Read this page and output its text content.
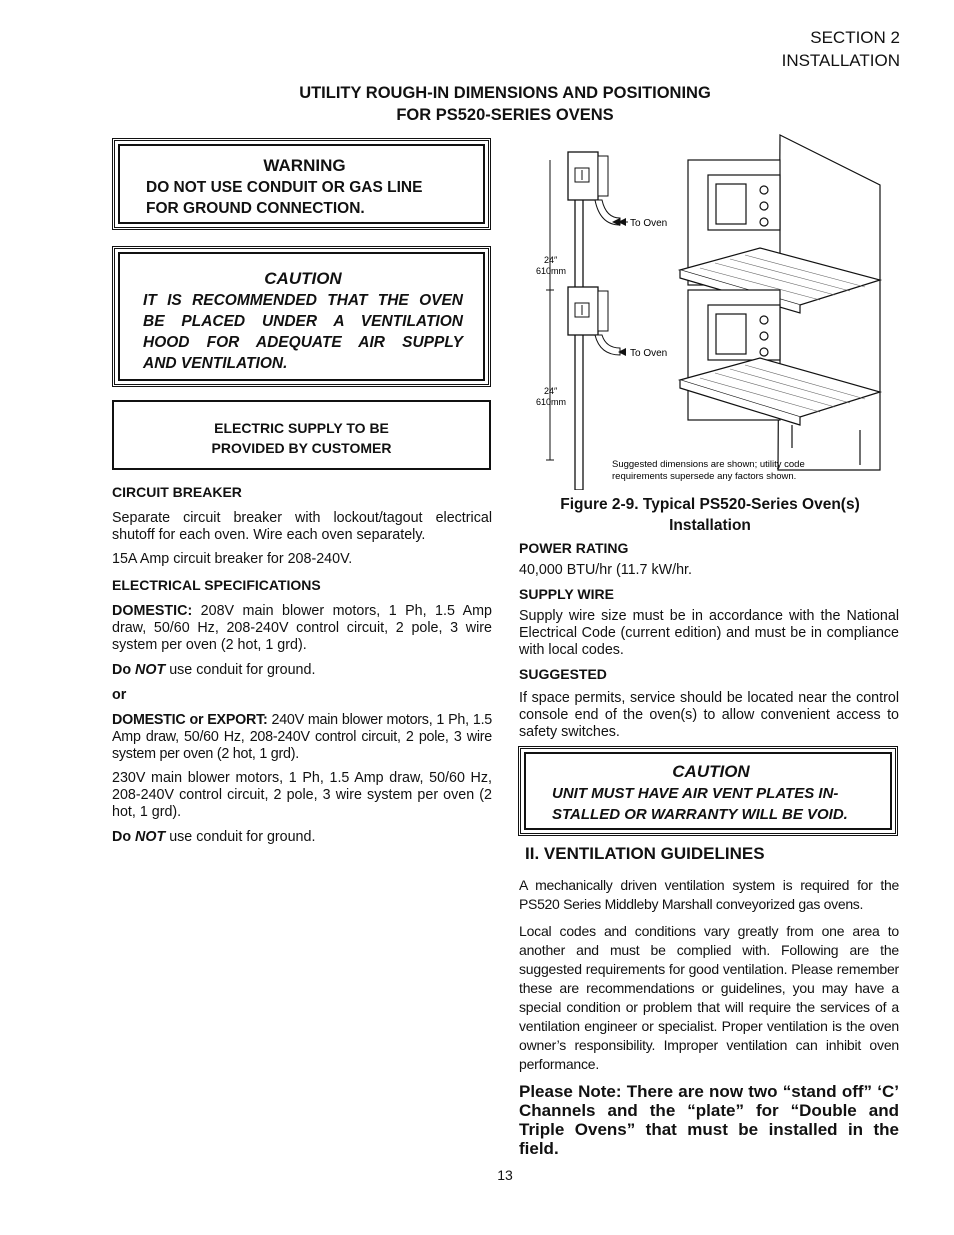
SECTION 2
INSTALLATION
UTILITY ROUGH-IN DIMENSIONS AND POSITIONING
FOR PS520-SERIES OVENS
WARNING
DO NOT USE CONDUIT OR GAS LINE
FOR GROUND CONNECTION.
CAUTION
IT IS RECOMMENDED THAT THE OVEN
BE PLACED UNDER A VENTILATION
HOOD FOR ADEQUATE AIR SUPPLY
AND VENTILATION.
ELECTRIC SUPPLY TO BE
PROVIDED BY CUSTOMER
CIRCUIT BREAKER

Separate circuit breaker with lockout/tagout electrical shutoff for each oven. Wire each oven separately.

15A Amp circuit breaker for 208-240V.

ELECTRICAL SPECIFICATIONS

DOMESTIC: 208V main blower motors, 1 Ph, 1.5 Amp draw, 50/60 Hz, 208-240V control circuit, 2 pole, 3 wire system per oven (2 hot, 1 grd).

Do NOT use conduit for ground.

or

DOMESTIC or EXPORT: 240V main blower motors, 1 Ph, 1.5 Amp draw, 50/60 Hz, 208-240V control circuit, 2 pole, 3 wire system per oven (2 hot, 1 grd).

230V main blower motors, 1 Ph, 1.5 Amp draw, 50/60 Hz, 208-240V control circuit, 2 pole, 3 wire system per oven (2 hot, 1 grd).

Do NOT use conduit for ground.

To Oven
To Oven
24″
610mm
24″
610mm
Suggested dimensions are shown; utility code
requirements supersede any factors shown.
Figure 2-9. Typical PS520-Series Oven(s)
Installation
POWER RATING

40,000 BTU/hr (11.7 kW/hr.

SUPPLY WIRE

Supply wire size must be in accordance with the National Electrical Code (current edition) and must be in compliance with local codes.

SUGGESTED

If space permits, service should be located near the control console end of the oven(s) to allow convenient access to safety switches.

CAUTION
UNIT MUST HAVE AIR VENT PLATES IN-
STALLED OR WARRANTY WILL BE VOID.
II. VENTILATION GUIDELINES

A mechanically driven ventilation system is required for the PS520 Series Middleby Marshall conveyorized gas ovens.

Local codes and conditions vary greatly from one area to another and must be complied with. Following are the suggested requirements for good ventilation. Please remember these are recommendations or guidelines, you may have a special condition or problem that will require the services of a ventilation engineer or specialist. Proper ventilation is the oven owner’s responsibility. Improper ventilation can inhibit oven performance.

Please Note: There are now two “stand off” ‘C’ Channels and the “plate” for “Double and Triple Ovens” that must be installed in the field.
13
